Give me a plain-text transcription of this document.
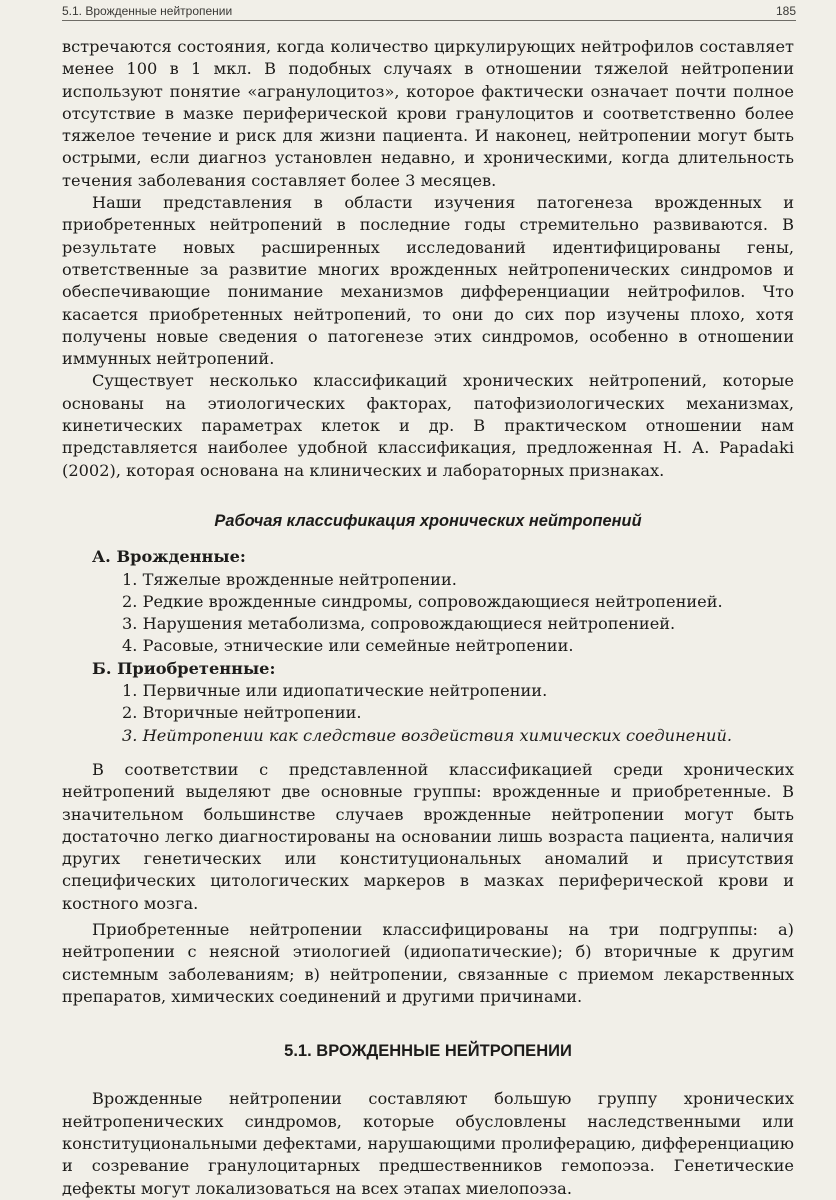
5.1. Врожденные нейтропении	185

встречаются состояния, когда количество циркулирующих нейтрофилов составляет менее 100 в 1 мкл. В подобных случаях в отношении тяжелой нейтропении используют понятие «агранулоцитоз», которое фактически означает почти полное отсутствие в мазке периферической крови гранулоцитов и соответственно более тяжелое течение и риск для жизни пациента. И наконец, нейтропении могут быть острыми, если диагноз установлен недавно, и хроническими, когда длительность течения заболевания составляет более 3 месяцев.

Наши представления в области изучения патогенеза врожденных и приобретенных нейтропений в последние годы стремительно развиваются. В результате новых расширенных исследований идентифицированы гены, ответственные за развитие многих врожденных нейтропенических синдромов и обеспечивающие понимание механизмов дифференциации нейтрофилов. Что касается приобретенных нейтропений, то они до сих пор изучены плохо, хотя получены новые сведения о патогенезе этих синдромов, особенно в отношении иммунных нейтропений.

Существует несколько классификаций хронических нейтропений, которые основаны на этиологических факторах, патофизиологических механизмах, кинетических параметрах клеток и др. В практическом отношении нам представляется наиболее удобной классификация, предложенная Н. А. Papadaki (2002), которая основана на клинических и лабораторных признаках.

Рабочая классификация хронических нейтропений
А. Врожденные:
1. Тяжелые врожденные нейтропении.
2. Редкие врожденные синдромы, сопровождающиеся нейтропенией.
3. Нарушения метаболизма, сопровождающиеся нейтропенией.
4. Расовые, этнические или семейные нейтропении.
Б. Приобретенные:
1. Первичные или идиопатические нейтропении.
2. Вторичные нейтропении.
3. Нейтропении как следствие воздействия химических соединений.

В соответствии с представленной классификацией среди хронических нейтропений выделяют две основные группы: врожденные и приобретенные. В значительном большинстве случаев врожденные нейтропении могут быть достаточно легко диагностированы на основании лишь возраста пациента, наличия других генетических или конституциональных аномалий и присутствия специфических цитологических маркеров в мазках периферической крови и костного мозга.

Приобретенные нейтропении классифицированы на три подгруппы: а) нейтропении с неясной этиологией (идиопатические); б) вторичные к другим системным заболеваниям; в) нейтропении, связанные с приемом лекарственных препаратов, химических соединений и другими причинами.

5.1. ВРОЖДЕННЫЕ НЕЙТРОПЕНИИ

Врожденные нейтропении составляют большую группу хронических нейтропенических синдромов, которые обусловлены наследственными или конституциональными дефектами, нарушающими пролиферацию, дифференциацию и созревание гранулоцитарных предшественников гемопоэза. Генетические дефекты могут локализоваться на всех этапах миелопоэза.
